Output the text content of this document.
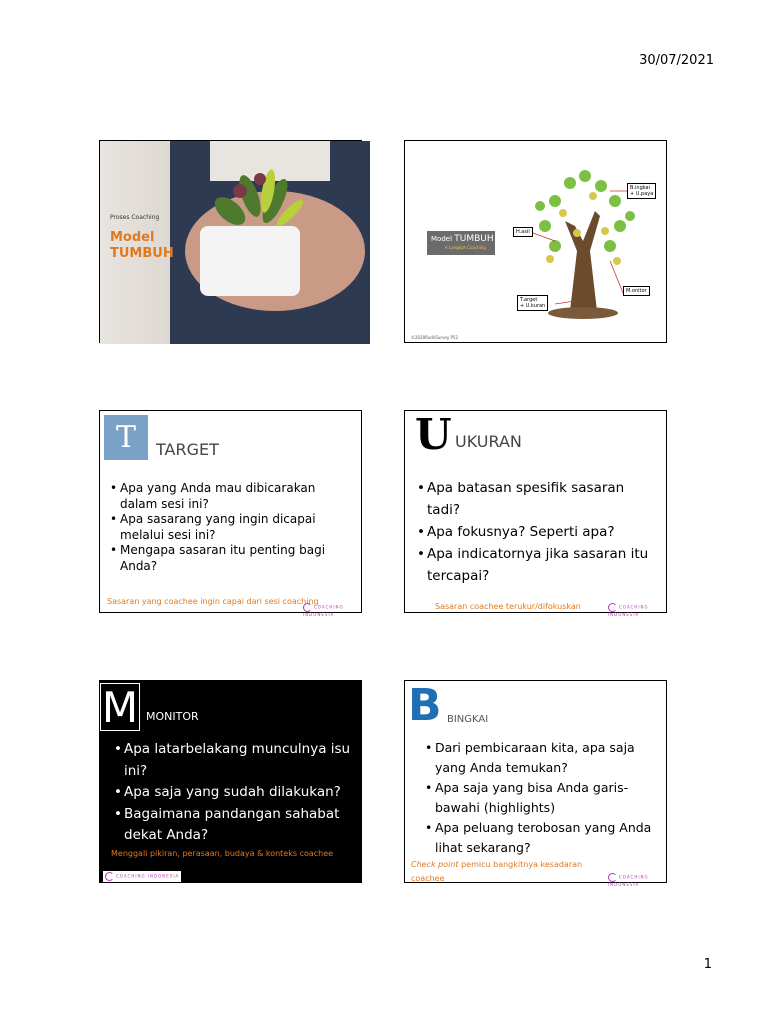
30/07/2021
Proses Coaching
Model
TUMBUH
Model TUMBUH
A Langkah Coaching
H.asil
B.ingkai
+ U.paya
M.onitor
T.arget
+ U.kuran
©2020Rudi/Survey P52
T	TARGET
• Apa yang Anda mau dibicarakan dalam sesi ini?
• Apa sasarang yang ingin dicapai melalui sesi ini?
• Mengapa sasaran itu penting bagi Anda?
Sasaran yang coachee ingin capai dari sesi coaching
COACHING INDONESIA
U UKURAN
• Apa batasan spesifik sasaran tadi?
• Apa fokusnya? Seperti apa?
• Apa indicatornya jika sasaran itu tercapai?
Sasaran coachee terukur/difokuskan	COACHING INDONESIA
M MONITOR
• Apa latarbelakang munculnya isu ini?
• Apa saja yang sudah dilakukan?
• Bagaimana pandangan sahabat dekat Anda?
Menggali pikiran, perasaan, budaya & konteks coachee
COACHING INDONESIA
B BINGKAI
• Dari pembicaraan kita, apa saja yang Anda temukan?
• Apa saja yang bisa Anda garis-bawahi (highlights)
• Apa peluang terobosan yang Anda lihat sekarang?
Check point pemicu bangkitnya kesadaran
coachee	COACHING INDONESIA
1
